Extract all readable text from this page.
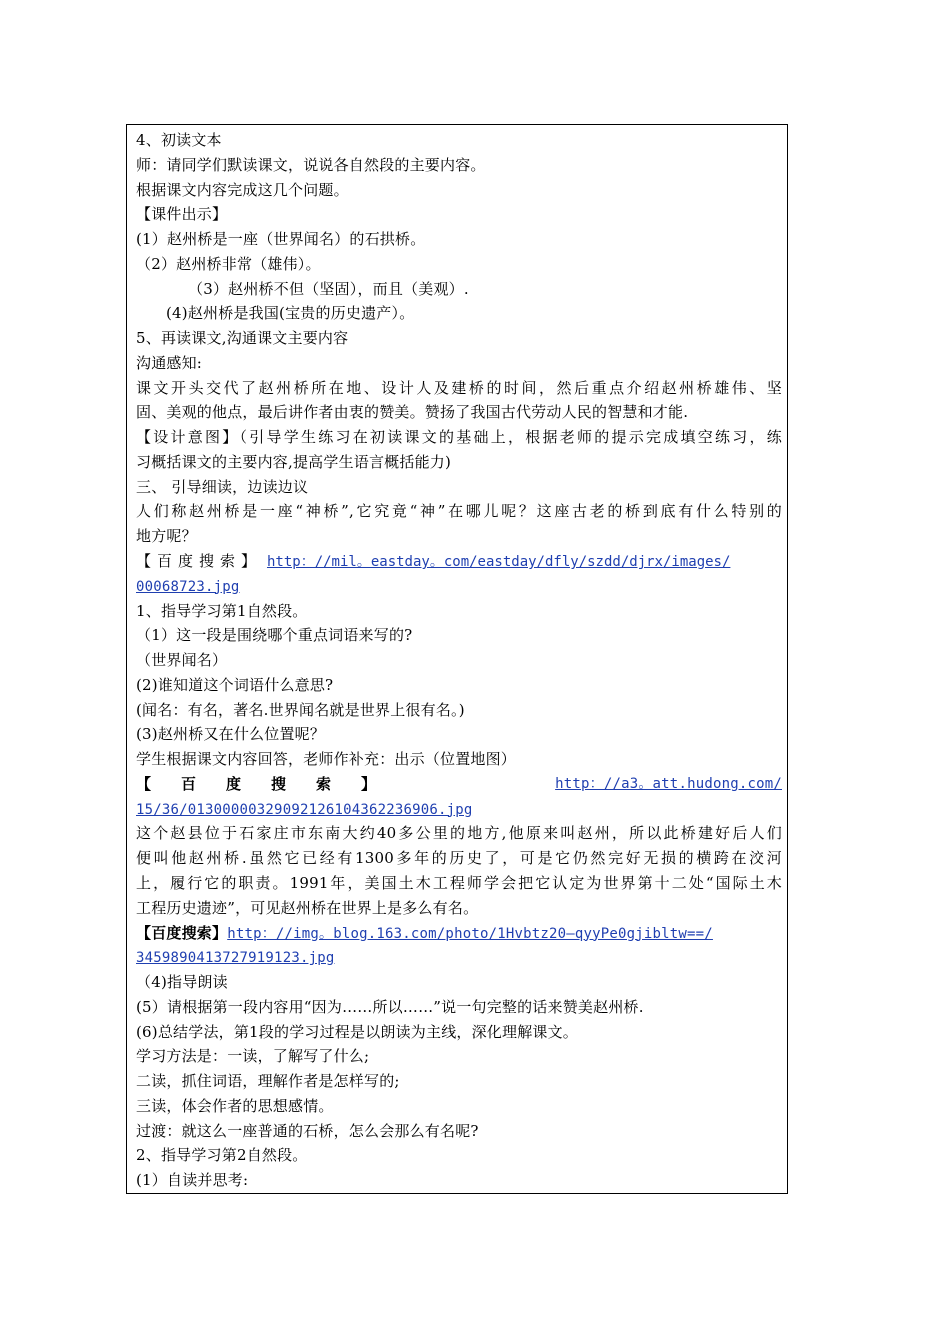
4、初读文本
师：请同学们默读课文，说说各自然段的主要内容。
根据课文内容完成这几个问题。
【课件出示】
(1）赵州桥是一座（世界闻名）的石拱桥。
（2）赵州桥非常（雄伟）。
（3）赵州桥不但（坚固），而且（美观）.
(4)赵州桥是我国(宝贵的历史遗产）。
5、再读课文,沟通课文主要内容
沟通感知:
课文开头交代了赵州桥所在地、设计人及建桥的时间，然后重点介绍赵州桥雄伟、坚
固、美观的他点，最后讲作者由衷的赞美。赞扬了我国古代劳动人民的智慧和才能.
【设计意图】（引导学生练习在初读课文的基础上，根据老师的提示完成填空练习，练
习概括课文的主要内容,提高学生语言概括能力)
三、 引导细读，边读边议
人们称赵州桥是一座“神桥”,它究竟“神”在哪儿呢？这座古老的桥到底有什么特别的
地方呢？
【百度搜索】 http：//mil。eastday。com/eastday/dfly/szdd/djrx/images/
00068723.jpg
1、指导学习第1自然段。
（1）这一段是围绕哪个重点词语来写的?
（世界闻名）
(2)谁知道这个词语什么意思?
(闻名：有名，著名.世界闻名就是世界上很有名。)
(3)赵州桥又在什么位置呢？
学生根据课文内容回答，老师作补充：出示（位置地图）
【百度搜索】	http：//a3。att.hudong.com/
15/36/01300000329092126104362236906.jpg
这个赵县位于石家庄市东南大约40多公里的地方,他原来叫赵州，所以此桥建好后人们
便叫他赵州桥.虽然它已经有1300多年的历史了，可是它仍然完好无损的横跨在洨河
上，履行它的职责。1991年，美国土木工程师学会把它认定为世界第十二处“国际土木
工程历史遗迹”，可见赵州桥在世界上是多么有名。
【百度搜索】http：//img。blog.163.com/photo/1Hvbtz20—qyyPe0gjibltw==/
3459890413727919123.jpg
（4)指导朗读
(5）请根据第一段内容用“因为……所以……”说一句完整的话来赞美赵州桥.
(6)总结学法，第1段的学习过程是以朗读为主线，深化理解课文。
学习方法是：一读，了解写了什么;
二读，抓住词语，理解作者是怎样写的;
三读，体会作者的思想感情。
过渡：就这么一座普通的石桥，怎么会那么有名呢?
2、指导学习第2自然段。
(1）自读并思考:
